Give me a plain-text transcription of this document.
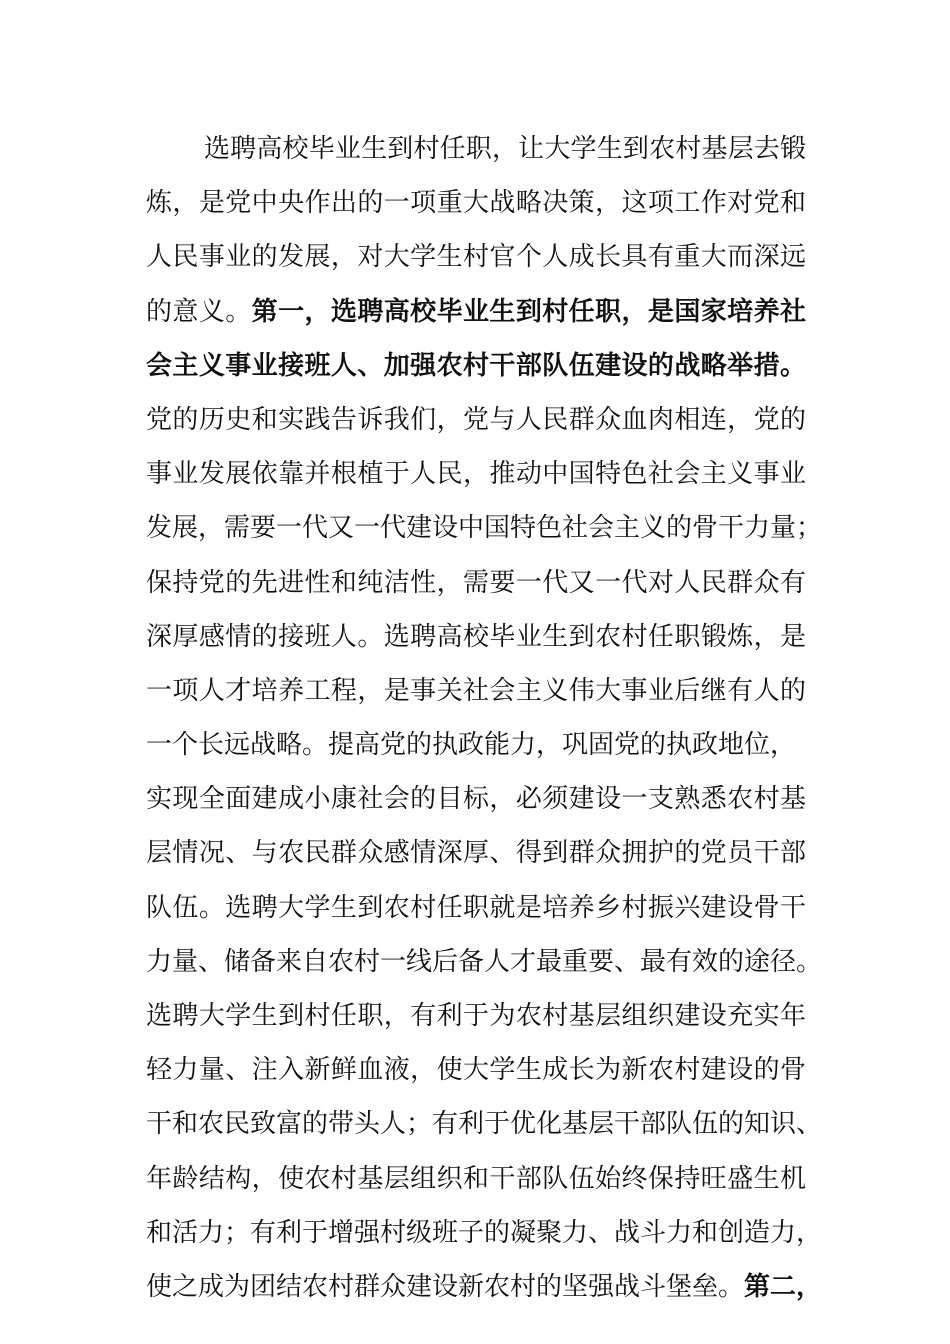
选聘高校毕业生到村任职，让大学生到农村基层去锻
炼，是党中央作出的一项重大战略决策，这项工作对党和
人民事业的发展，对大学生村官个人成长具有重大而深远
的意义。第一，选聘高校毕业生到村任职，是国家培养社
会主义事业接班人、加强农村干部队伍建设的战略举措。
党的历史和实践告诉我们，党与人民群众血肉相连，党的
事业发展依靠并根植于人民，推动中国特色社会主义事业
发展，需要一代又一代建设中国特色社会主义的骨干力量；
保持党的先进性和纯洁性，需要一代又一代对人民群众有
深厚感情的接班人。选聘高校毕业生到农村任职锻炼，是
一项人才培养工程，是事关社会主义伟大事业后继有人的
一个长远战略。提高党的执政能力，巩固党的执政地位，
实现全面建成小康社会的目标，必须建设一支熟悉农村基
层情况、与农民群众感情深厚、得到群众拥护的党员干部
队伍。选聘大学生到农村任职就是培养乡村振兴建设骨干
力量、储备来自农村一线后备人才最重要、最有效的途径。
选聘大学生到村任职，有利于为农村基层组织建设充实年
轻力量、注入新鲜血液，使大学生成长为新农村建设的骨
干和农民致富的带头人；有利于优化基层干部队伍的知识、
年龄结构，使农村基层组织和干部队伍始终保持旺盛生机
和活力；有利于增强村级班子的凝聚力、战斗力和创造力，
使之成为团结农村群众建设新农村的坚强战斗堡垒。第二，
